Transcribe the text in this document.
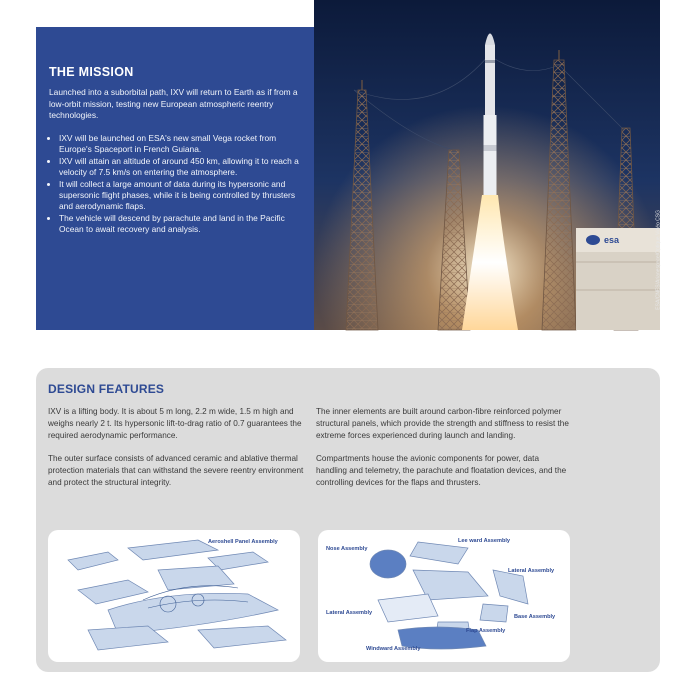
THE MISSION

Launched into a suborbital path, IXV will return to Earth as if from a low-orbit mission, testing new European atmospheric reentry technologies.

• IXV will be launched on ESA's new small Vega rocket from Europe's Spaceport in French Guiana.
• IXV will attain an altitude of around 450 km, allowing it to reach a velocity of 7.5 km/s on entering the atmosphere.
• It will collect a large amount of data during its hypersonic and supersonic flight phases, while it is being controlled by thrusters and aerodynamic flaps.
• The vehicle will descend by parachute and land in the Pacific Ocean to await recovery and analysis.
esa	ESA/CNES/Arianespace/Optique Vidéo CSG
DESIGN FEATURES

IXV is a lifting body. It is about 5 m long, 2.2 m wide, 1.5 m high and weighs nearly 2 t. Its hypersonic lift-to-drag ratio of 0.7 guarantees the required aerodynamic performance.

The outer surface consists of advanced ceramic and ablative thermal protection materials that can withstand the severe reentry environment and protect the structural integrity.

The inner elements are built around carbon-fibre reinforced polymer structural panels, which provide the strength and stiffness to resist the extreme forces experienced during launch and landing.

Compartments house the avionic components for power, data handling and telemetry, the parachute and floatation devices, and the controlling devices for the flaps and thrusters.

Aeroshell Panel Assembly
Nose Assembly
Lee ward Assembly
Lateral Assembly
Lateral Assembly
Base Assembly
Flap Assembly
Windward Assembly
